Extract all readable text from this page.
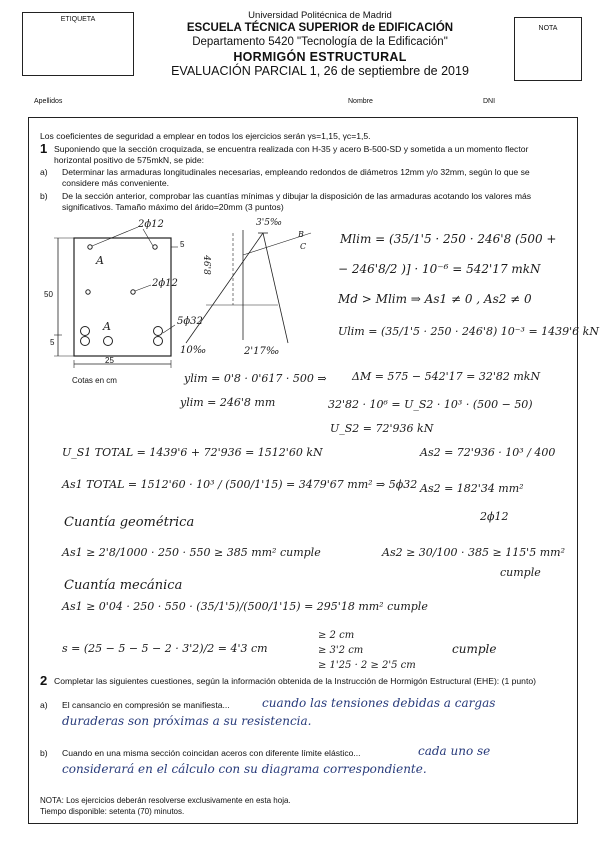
ETIQUETA
NOTA
Universidad Politécnica de Madrid
ESCUELA TÉCNICA SUPERIOR de EDIFICACIÓN
Departamento 5420 "Tecnología de la Edificación"
HORMIGÓN ESTRUCTURAL
EVALUACIÓN PARCIAL 1, 26 de septiembre de 2019
Apellidos	Nombre	DNI
Los coeficientes de seguridad a emplear en todos los ejercicios serán γs=1,15, γc=1,5.
1 Suponiendo que la sección croquizada, se encuentra realizada con H-35 y acero B-500-SD y sometida a un momento flector horizontal positivo de 575mkN, se pide:
a) Determinar las armaduras longitudinales necesarias, empleando redondos de diámetros 12mm y/o 32mm, según lo que se considere más conveniente.
b) De la sección anterior, comprobar las cuantías mínimas y dibujar la disposición de las armaduras acotando los valores más significativos. Tamaño máximo del árido=20mm (3 puntos)
50
5
25
5
Cotas en cm
A
A
2ϕ12
2ϕ12
5ϕ32
3'5‰
B
C
46'8
10‰	2'17‰
Mlim = (35/1'5 · 250 · 246'8 (500 +
− 246'8/2 )] · 10⁻⁶ = 542'17 mkN
Md > Mlim ⇒ As1 ≠ 0 , As2 ≠ 0
Ulim = (35/1'5 · 250 · 246'8) 10⁻³ = 1439'6 kN
ylim = 0'8 · 0'617 · 500 ⇒ ΔM = 575 − 542'17 = 32'82 mkN
ylim = 246'8 mm	32'82 · 10⁶ = U_S2 · 10³ · (500 − 50)
U_S2 = 72'936 kN
U_S1 TOTAL = 1439'6 + 72'936 = 1512'60 kN	As2 = 72'936 · 10³ / 400
As1 TOTAL = 1512'60 · 10³ / (500/1'15) = 3479'67 mm² ⇒ 5ϕ32 As2 = 182'34 mm²
2ϕ12
Cuantía geométrica
As1 ≥ 2'8/1000 · 250 · 550 ≥ 385 mm² cumple	As2 ≥ 30/100 · 385 ≥ 115'5 mm²
cumple
Cuantía mecánica
As1 ≥ 0'04 · 250 · 550 · (35/1'5)/(500/1'15) = 295'18 mm² cumple
s = (25 − 5 − 5 − 2 · 3'2)/2 = 4'3 cm
≥ 2 cm
≥ 3'2 cm
≥ 1'25 · 2 ≥ 2'5 cm
cumple
2 Completar las siguientes cuestiones, según la información obtenida de la Instrucción de Hormigón Estructural (EHE): (1 punto)
a) El cansancio en compresión se manifiesta...	cuando las tensiones debidas a cargas
duraderas son próximas a su resistencia.
b) Cuando en una misma sección coincidan aceros con diferente límite elástico...	cada uno se
considerará en el cálculo con su diagrama correspondiente.
NOTA: Los ejercicios deberán resolverse exclusivamente en esta hoja.
Tiempo disponible: setenta (70) minutos.
